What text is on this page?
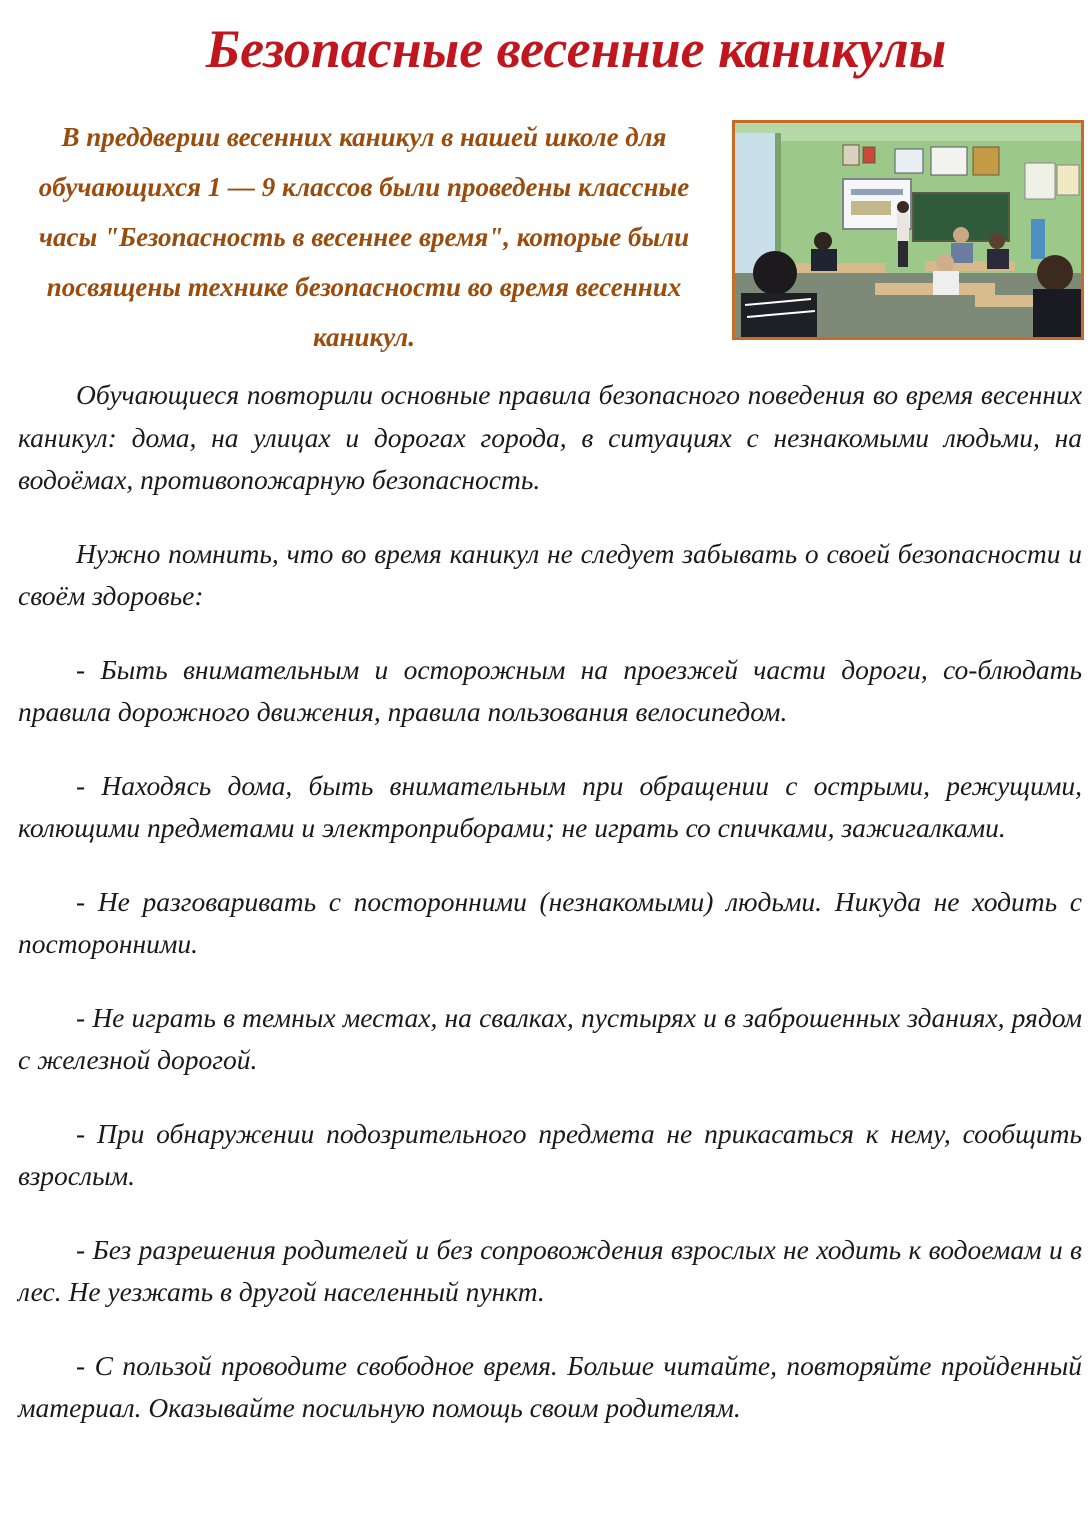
Безопасные весенние каникулы

В преддверии весенних каникул в нашей школе для обучающихся 1 — 9 классов были проведены классные часы "Безопасность в весеннее время", которые были посвящены технике безопасности во время весенних каникул.

Обучающиеся повторили основные правила безопасного поведения во время весенних каникул: дома, на улицах и дорогах города, в ситуациях с незнакомыми людьми, на водоёмах, противопожарную безопасность.

Нужно помнить, что во время каникул не следует забывать о своей безопасности и своём здоровье:

- Быть внимательным и осторожным на проезжей части дороги, со-блюдать правила дорожного движения, правила пользования велосипедом.

- Находясь дома, быть внимательным при обращении с острыми, режущими, колющими предметами и электроприборами; не играть со спичками, зажигалками.

- Не разговаривать с посторонними (незнакомыми) людьми. Никуда не ходить с посторонними.

- Не играть в темных местах, на свалках, пустырях и в заброшенных зданиях, рядом с железной дорогой.

- При обнаружении подозрительного предмета не прикасаться к нему, сообщить взрослым.

- Без разрешения родителей и без сопровождения взрослых не ходить к водоемам и в лес. Не уезжать в другой населенный пункт.

- С пользой проводите свободное время. Больше читайте, повторяйте пройденный материал. Оказывайте посильную помощь своим родителям.
